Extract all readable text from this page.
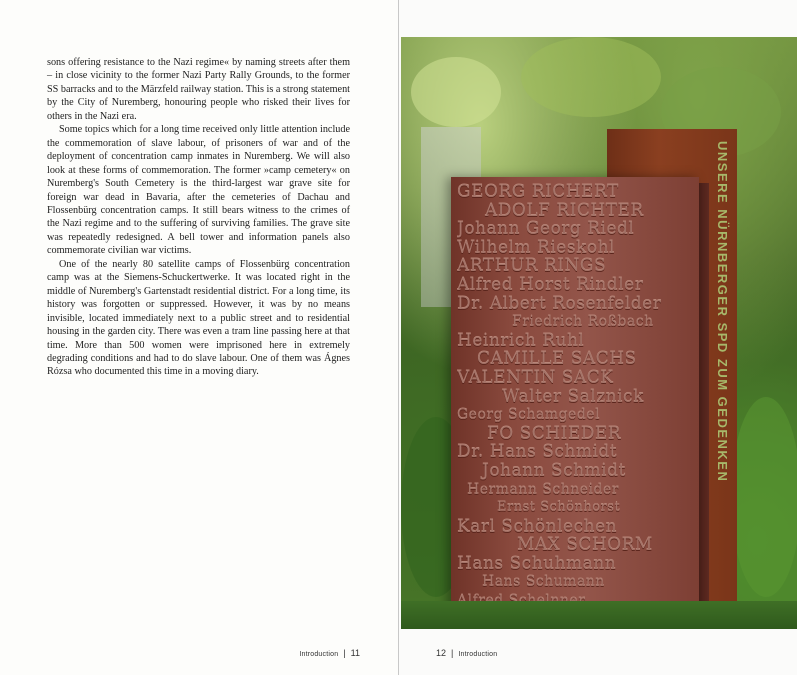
sons offering resistance to the Nazi regime« by naming streets after them – in close vicinity to the former Nazi Party Rally Grounds, to the former SS barracks and to the Märzfeld railway station. This is a strong statement by the City of Nuremberg, honouring people who risked their lives for others in the Nazi era.

Some topics which for a long time received only little attention include the commemoration of slave labour, of prisoners of war and of the deployment of concentration camp inmates in Nuremberg. We will also look at these forms of commemoration. The former »camp cemetery« on Nuremberg's South Cemetery is the third-largest war grave site for foreign war dead in Bavaria, after the cemeteries of Dachau and Flossenbürg concentration camps. It still bears witness to the crimes of the Nazi regime and to the suffering of surviving families. The grave site was repeatedly redesigned. A bell tower and information panels also commemorate civilian war victims.

One of the nearly 80 satellite camps of Flossenbürg concentration camp was at the Siemens-Schuckertwerke. It was located right in the middle of Nuremberg's Gartenstadt residential district. For a long time, its history was forgotten or suppressed. However, it was by no means invisible, located immediately next to a public street and to residential housing in the garden city. There was even a tram line passing here at that time. More than 500 women were imprisoned here in extremely degrading conditions and had to do slave labour. One of them was Ágnes Rózsa who documented this time in a moving diary.

Introduction | 11
UNSERE NÜRNBERGER SPD ZUM GEDENKEN
GEORG RICHERT
ADOLF RICHTER
Johann Georg Riedl
Wilhelm Rieskohl
ARTHUR RINGS
Alfred Horst Rindler
Dr. Albert Rosenfelder
Friedrich Roßbach
Heinrich Ruhl
CAMILLE SACHS
VALENTIN SACK
Walter Salznick
Georg Schamgedel
FO SCHIEDER
Dr. Hans Schmidt
Johann Schmidt
Hermann Schneider
Ernst Schönhorst
Karl Schönlechen
MAX SCHORM
Hans Schuhmann
Hans Schumann
12 | Introduction
